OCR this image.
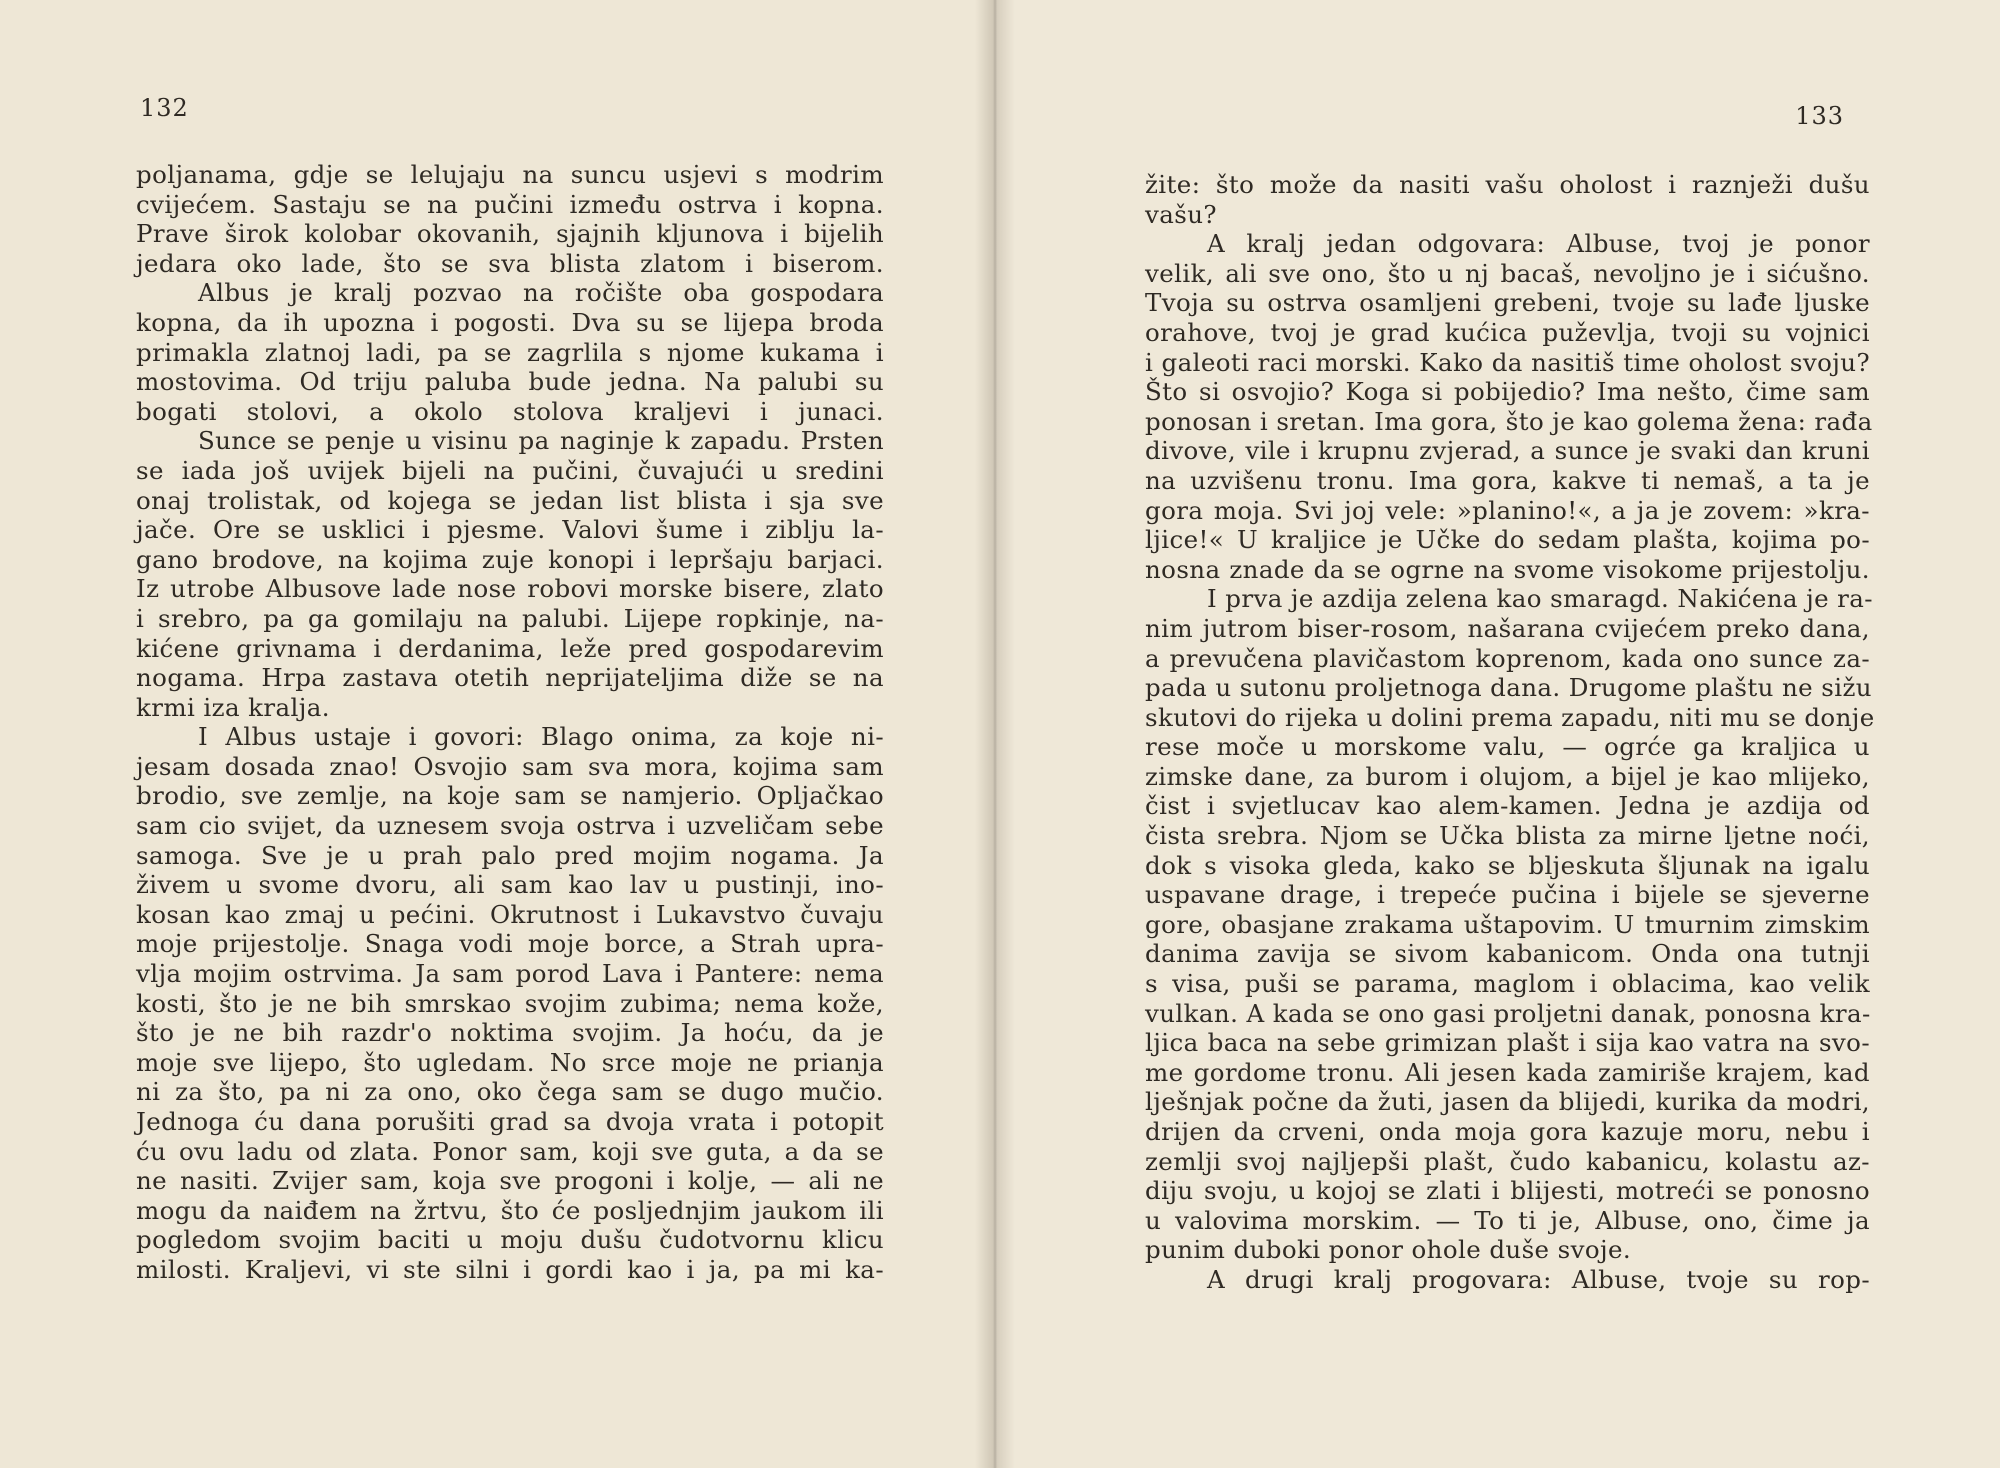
132
poljanama, gdje se lelujaju na suncu usjevi s modrim
cvijećem. Sastaju se na pučini između ostrva i kopna.
Prave širok kolobar okovanih, sjajnih kljunova i bijelih
jedara oko lade, što se sva blista zlatom i biserom.
Albus je kralj pozvao na ročište oba gospodara
kopna, da ih upozna i pogosti. Dva su se lijepa broda
primakla zlatnoj ladi, pa se zagrlila s njome kukama i
mostovima. Od triju paluba bude jedna. Na palubi su
bogati stolovi, a okolo stolova kraljevi i junaci.
Sunce se penje u visinu pa naginje k zapadu. Prsten
se iada još uvijek bijeli na pučini, čuvajući u sredini
onaj trolistak, od kojega se jedan list blista i sja sve
jače. Ore se usklici i pjesme. Valovi šume i ziblju la-
gano brodove, na kojima zuje konopi i lepršaju barjaci.
Iz utrobe Albusove lade nose robovi morske bisere, zlato
i srebro, pa ga gomilaju na palubi. Lijepe ropkinje, na-
kićene grivnama i derdanima, leže pred gospodarevim
nogama. Hrpa zastava otetih neprijateljima diže se na
krmi iza kralja.
I Albus ustaje i govori: Blago onima, za koje ni-
jesam dosada znao! Osvojio sam sva mora, kojima sam
brodio, sve zemlje, na koje sam se namjerio. Opljačkao
sam cio svijet, da uznesem svoja ostrva i uzveličam sebe
samoga. Sve je u prah palo pred mojim nogama. Ja
živem u svome dvoru, ali sam kao lav u pustinji, ino-
kosan kao zmaj u pećini. Okrutnost i Lukavstvo čuvaju
moje prijestolje. Snaga vodi moje borce, a Strah upra-
vlja mojim ostrvima. Ja sam porod Lava i Pantere: nema
kosti, što je ne bih smrskao svojim zubima; nema kože,
što je ne bih razdr'o noktima svojim. Ja hoću, da je
moje sve lijepo, što ugledam. No srce moje ne prianja
ni za što, pa ni za ono, oko čega sam se dugo mučio.
Jednoga ću dana porušiti grad sa dvoja vrata i potopit
ću ovu ladu od zlata. Ponor sam, koji sve guta, a da se
ne nasiti. Zvijer sam, koja sve progoni i kolje, — ali ne
mogu da naiđem na žrtvu, što će posljednjim jaukom ili
pogledom svojim baciti u moju dušu čudotvornu klicu
milosti. Kraljevi, vi ste silni i gordi kao i ja, pa mi ka-
133
žite: što može da nasiti vašu oholost i raznježi dušu
vašu?
A kralj jedan odgovara: Albuse, tvoj je ponor
velik, ali sve ono, što u nj bacaš, nevoljno je i sićušno.
Tvoja su ostrva osamljeni grebeni, tvoje su lađe ljuske
orahove, tvoj je grad kućica puževlja, tvoji su vojnici
i galeoti raci morski. Kako da nasitiš time oholost svoju?
Što si osvojio? Koga si pobijedio? Ima nešto, čime sam
ponosan i sretan. Ima gora, što je kao golema žena: rađa
divove, vile i krupnu zvjerad, a sunce je svaki dan kruni
na uzvišenu tronu. Ima gora, kakve ti nemaš, a ta je
gora moja. Svi joj vele: »planino!«, a ja je zovem: »kra-
ljice!« U kraljice je Učke do sedam plašta, kojima po-
nosna znade da se ogrne na svome visokome prijestolju.
I prva je azdija zelena kao smaragd. Nakićena je ra-
nim jutrom biser-rosom, našarana cvijećem preko dana,
a prevučena plavičastom koprenom, kada ono sunce za-
pada u sutonu proljetnoga dana. Drugome plaštu ne sižu
skutovi do rijeka u dolini prema zapadu, niti mu se donje
rese moče u morskome valu, — ogrće ga kraljica u
zimske dane, za burom i olujom, a bijel je kao mlijeko,
čist i svjetlucav kao alem-kamen. Jedna je azdija od
čista srebra. Njom se Učka blista za mirne ljetne noći,
dok s visoka gleda, kako se bljeskuta šljunak na igalu
uspavane drage, i trepeće pučina i bijele se sjeverne
gore, obasjane zrakama uštapovim. U tmurnim zimskim
danima zavija se sivom kabanicom. Onda ona tutnji
s visa, puši se parama, maglom i oblacima, kao velik
vulkan. A kada se ono gasi proljetni danak, ponosna kra-
ljica baca na sebe grimizan plašt i sija kao vatra na svo-
me gordome tronu. Ali jesen kada zamiriše krajem, kad
lješnjak počne da žuti, jasen da blijedi, kurika da modri,
drijen da crveni, onda moja gora kazuje moru, nebu i
zemlji svoj najljepši plašt, čudo kabanicu, kolastu az-
diju svoju, u kojoj se zlati i blijesti, motreći se ponosno
u valovima morskim. — To ti je, Albuse, ono, čime ja
punim duboki ponor ohole duše svoje.
A drugi kralj progovara: Albuse, tvoje su rop-
